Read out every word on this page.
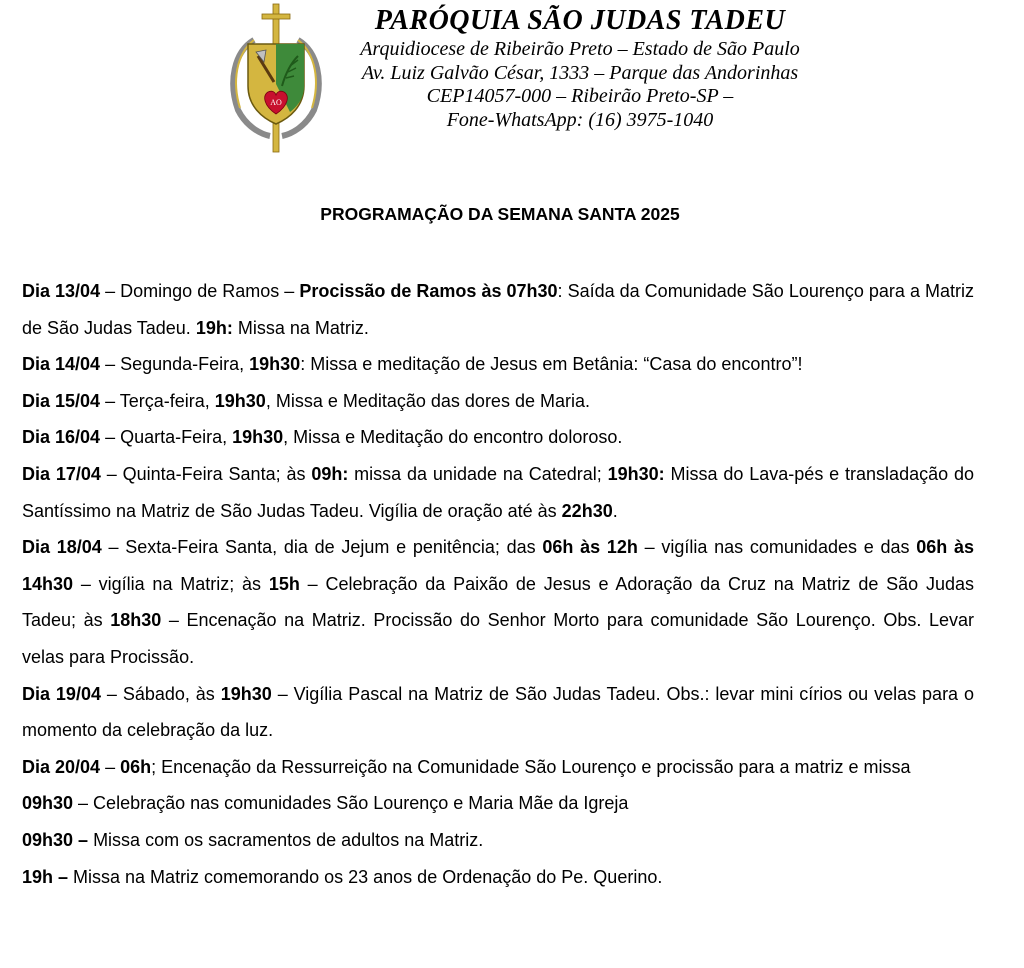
AO
PARÓQUIA SÃO JUDAS TADEU
Arquidiocese de Ribeirão Preto – Estado de São Paulo
Av. Luiz Galvão César, 1333 – Parque das Andorinhas
CEP14057-000 – Ribeirão Preto-SP –
Fone-WhatsApp: (16) 3975-1040
PROGRAMAÇÃO DA SEMANA SANTA 2025

Dia 13/04 – Domingo de Ramos – Procissão de Ramos às 07h30: Saída da Comunidade São Lourenço para a Matriz de São Judas Tadeu. 19h: Missa na Matriz.

Dia 14/04 – Segunda-Feira, 19h30: Missa e meditação de Jesus em Betânia: “Casa do encontro”!

Dia 15/04 – Terça-feira, 19h30, Missa e Meditação das dores de Maria.

Dia 16/04 – Quarta-Feira, 19h30, Missa e Meditação do encontro doloroso.

Dia 17/04 – Quinta-Feira Santa; às 09h: missa da unidade na Catedral; 19h30: Missa do Lava-pés e transladação do Santíssimo na Matriz de São Judas Tadeu. Vigília de oração até às 22h30.

Dia 18/04 – Sexta-Feira Santa, dia de Jejum e penitência; das 06h às 12h – vigília nas comunidades e das 06h às 14h30 – vigília na Matriz; às 15h – Celebração da Paixão de Jesus e Adoração da Cruz na Matriz de São Judas Tadeu; às 18h30 – Encenação na Matriz. Procissão do Senhor Morto para comunidade São Lourenço. Obs. Levar velas para Procissão.

Dia 19/04 – Sábado, às 19h30 – Vigília Pascal na Matriz de São Judas Tadeu. Obs.: levar mini círios ou velas para o momento da celebração da luz.

Dia 20/04 – 06h; Encenação da Ressurreição na Comunidade São Lourenço e procissão para a matriz e missa

09h30 – Celebração nas comunidades São Lourenço e Maria Mãe da Igreja

09h30 – Missa com os sacramentos de adultos na Matriz.

19h – Missa na Matriz comemorando os 23 anos de Ordenação do Pe. Querino.
